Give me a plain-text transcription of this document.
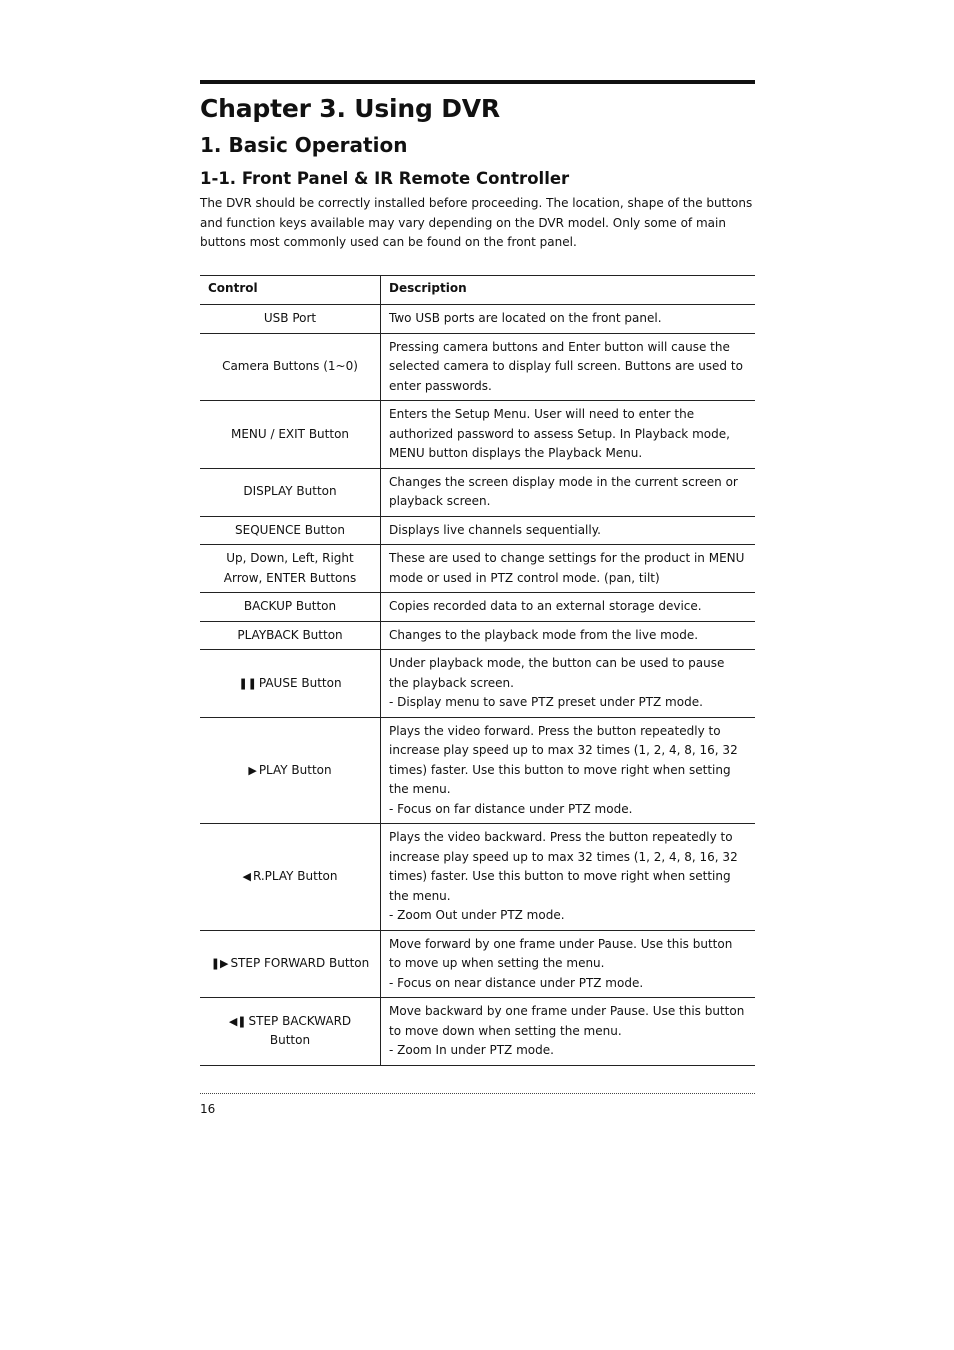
Chapter 3. Using DVR
1. Basic Operation
1-1. Front Panel & IR Remote Controller

The DVR should be correctly installed before proceeding. The location, shape of the buttons and function keys available may vary depending on the DVR model. Only some of main buttons most commonly used can be found on the front panel.

Control	Description
USB Port	Two USB ports are located on the front panel.

Camera Buttons (1~0)	Pressing camera buttons and Enter button will cause the selected camera to display full screen. Buttons are used to enter passwords.

MENU / EXIT Button	Enters the Setup Menu. User will need to enter the authorized password to assess Setup. In Playback mode, MENU button displays the Playback Menu.

DISPLAY Button	Changes the screen display mode in the current screen or playback screen.

SEQUENCE Button	Displays live channels sequentially.

Up, Down, Left, Right Arrow, ENTER Buttons	These are used to change settings for the product in MENU mode or used in PTZ control mode. (pan, tilt)

BACKUP Button	Copies recorded data to an external storage device.

PLAYBACK Button	Changes to the playback mode from the live mode.

❚❚ PAUSE Button	Under playback mode, the button can be used to pause the playback screen.
- Display menu to save PTZ preset under PTZ mode.

▶ PLAY Button	Plays the video forward. Press the button repeatedly to increase play speed up to max 32 times (1, 2, 4, 8, 16, 32 times) faster. Use this button to move right when setting the menu.
- Focus on far distance under PTZ mode.

◀ R.PLAY Button	Plays the video backward. Press the button repeatedly to increase play speed up to max 32 times (1, 2, 4, 8, 16, 32 times) faster. Use this button to move right when setting the menu.
- Zoom Out under PTZ mode.

❚▶ STEP FORWARD Button	Move forward by one frame under Pause. Use this button to move up when setting the menu.
- Focus on near distance under PTZ mode.

◀❚ STEP BACKWARD Button	Move backward by one frame under Pause. Use this button to move down when setting the menu.
- Zoom In under PTZ mode.
16
